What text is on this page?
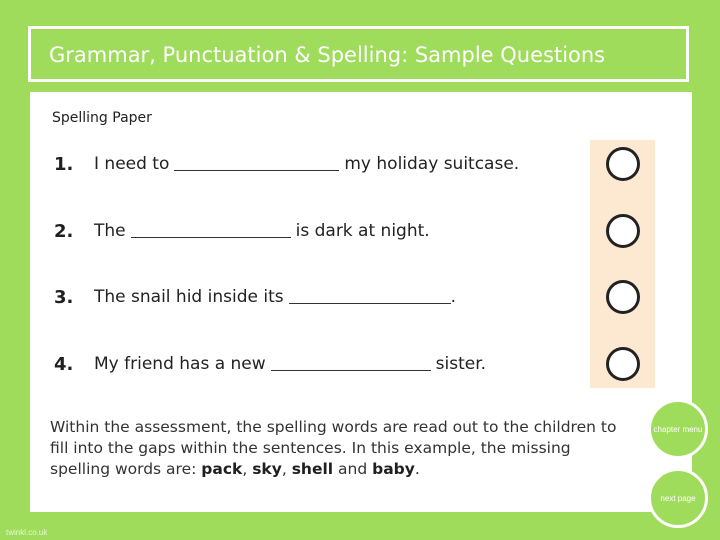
Grammar, Punctuation & Spelling: Sample Questions
Spelling Paper
1.	I need to	my holiday suitcase.
2.	The	is dark at night.
3.	The snail hid inside its	.
4.	My friend has a new	sister.
Within the assessment, the spelling words are read out to the children to fill into the gaps within the sentences. In this example, the missing spelling words are: pack, sky, shell and baby.
chapter menu
next page
twinkl.co.uk
